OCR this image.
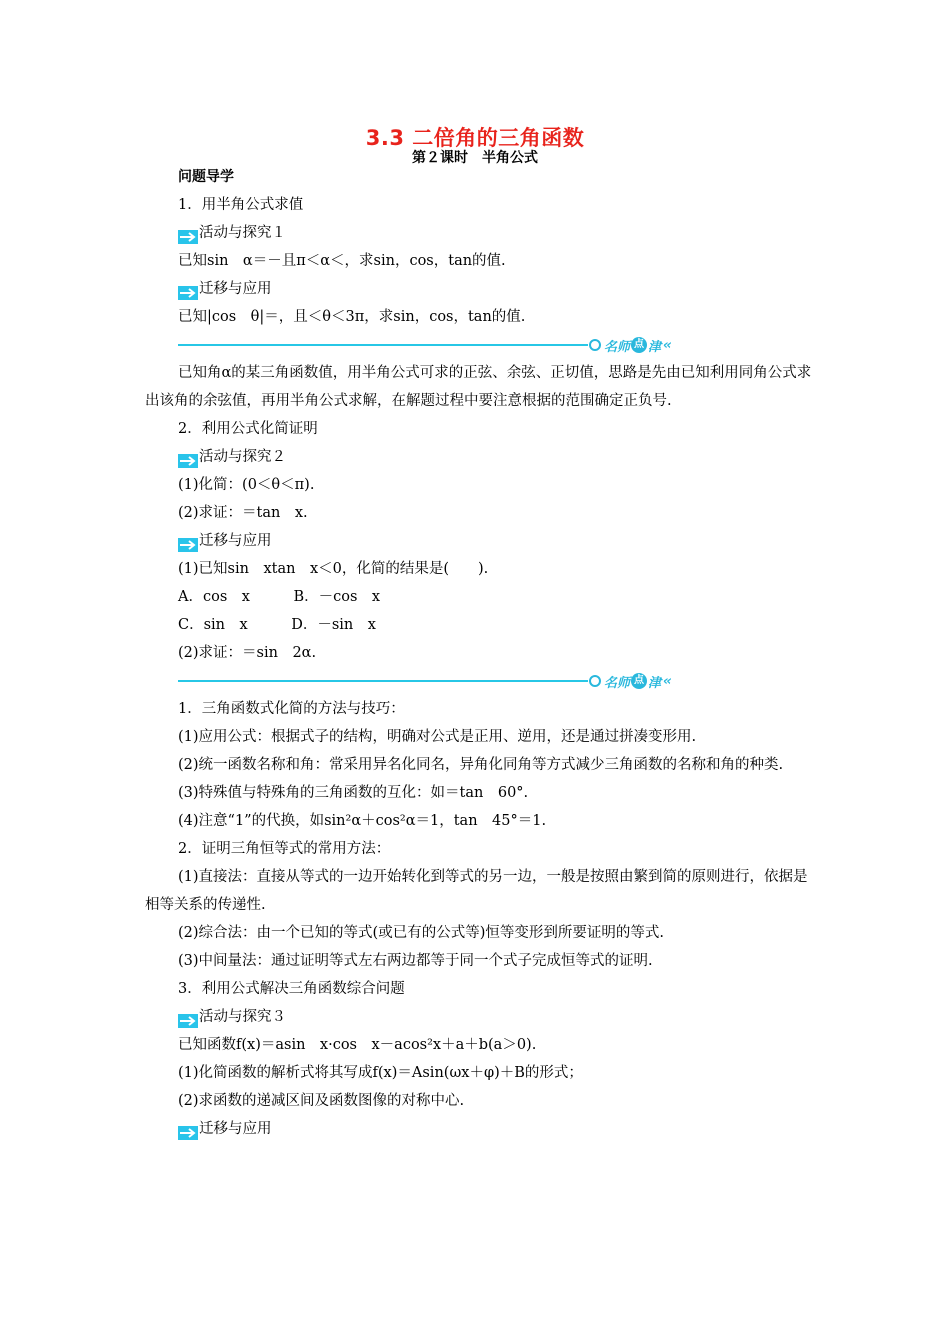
3.3 二倍角的三角函数
第２课时　半角公式
问题导学
1．用半角公式求值
活动与探究１
已知sin　α＝－且π＜α＜，求sin，cos，tan的值.
迁移与应用
已知|cos　θ|＝，且＜θ＜3π，求sin，cos，tan的值.
名师 点 津 ‹‹
已知角α的某三角函数值，用半角公式可求的正弦、余弦、正切值，思路是先由已知利用同角公式求出该角的余弦值，再用半角公式求解，在解题过程中要注意根据的范围确定正负号.
2．利用公式化简证明
活动与探究２
(1)化简：(0＜θ＜π).
(2)求证：＝tan　x.
迁移与应用
(1)已知sin　xtan　x＜0，化简的结果是(　　).
A．cos　x　　　B．－cos　x
C．sin　x　　　D．－sin　x
(2)求证：＝sin　2α.
名师 点 津 ‹‹
1．三角函数式化简的方法与技巧：
(1)应用公式：根据式子的结构，明确对公式是正用、逆用，还是通过拼凑变形用.
(2)统一函数名称和角：常采用异名化同名，异角化同角等方式减少三角函数的名称和角的种类.
(3)特殊值与特殊角的三角函数的互化：如＝tan　60°.
(4)注意“1”的代换，如sin²α＋cos²α＝1，tan　45°＝1.
2．证明三角恒等式的常用方法：
(1)直接法：直接从等式的一边开始转化到等式的另一边，一般是按照由繁到简的原则进行，依据是相等关系的传递性.
(2)综合法：由一个已知的等式(或已有的公式等)恒等变形到所要证明的等式.
(3)中间量法：通过证明等式左右两边都等于同一个式子完成恒等式的证明.
3．利用公式解决三角函数综合问题
活动与探究３
已知函数f(x)＝asin　x·cos　x－acos²x＋a＋b(a＞0).
(1)化简函数的解析式将其写成f(x)＝Asin(ωx＋φ)＋B的形式；
(2)求函数的递减区间及函数图像的对称中心.
迁移与应用
